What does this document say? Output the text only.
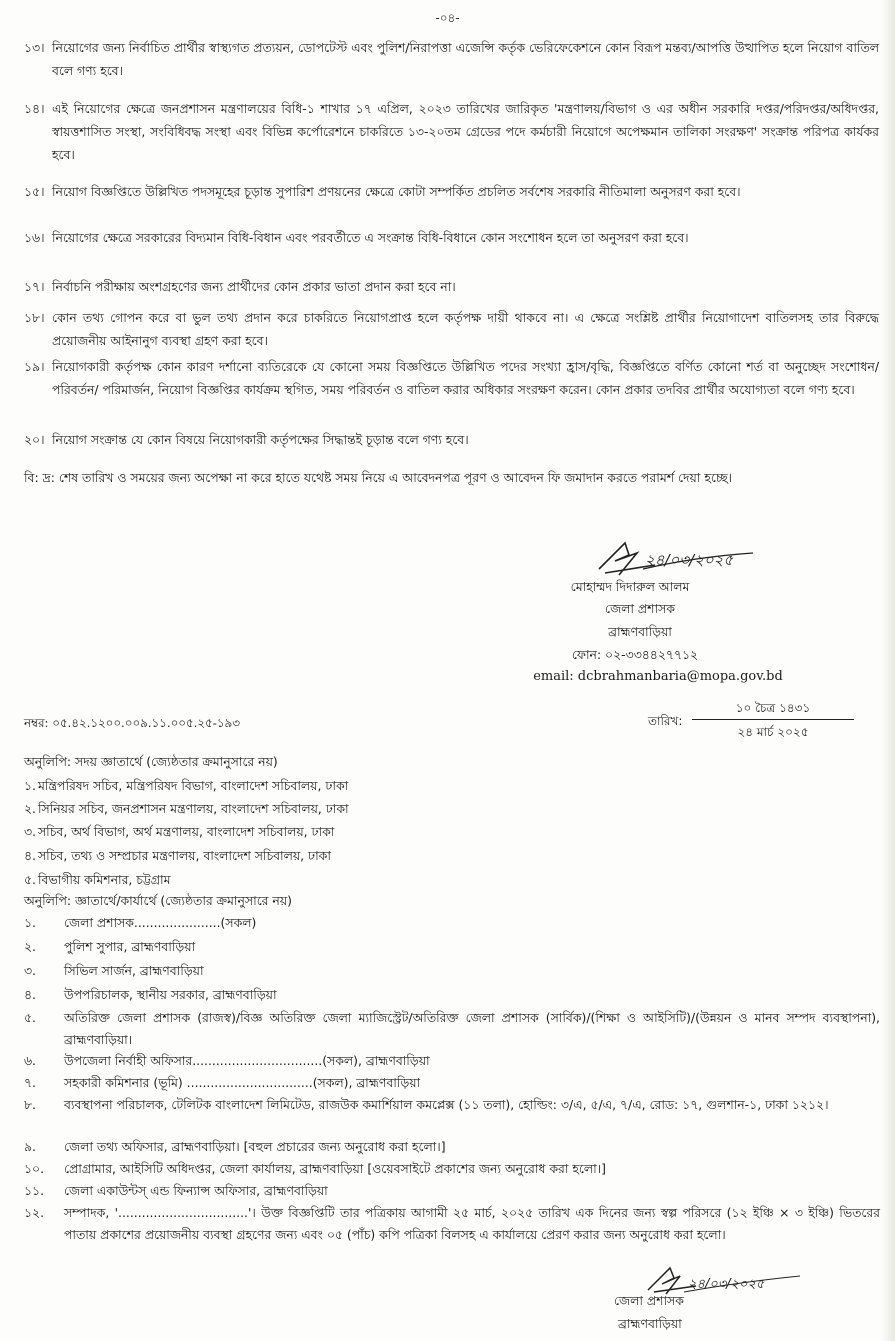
-০৪-
১৩। নিয়োগের জন্য নির্বাচিত প্রার্থীর স্বাস্থ্যগত প্রত্যয়ন, ডোপটেস্ট এবং পুলিশ/নিরাপত্তা এজেন্সি কর্তৃক ভেরিফেকেশনে কোন বিরূপ মন্তব্য/আপত্তি উত্থাপিত হলে নিয়োগ বাতিল বলে গণ্য হবে।
১৪। এই নিয়োগের ক্ষেত্রে জনপ্রশাসন মন্ত্রণালয়ের বিধি-১ শাখার ১৭ এপ্রিল, ২০২৩ তারিখের জারিকৃত 'মন্ত্রণালয়/বিভাগ ও এর অধীন সরকারি দপ্তর/পরিদপ্তর/অধিদপ্তর, স্বায়ত্তশাসিত সংস্থা, সংবিধিবদ্ধ সংস্থা এবং বিভিন্ন কর্পোরেশনে চাকরিতে ১৩-২০তম গ্রেডের পদে কর্মচারী নিয়োগে অপেক্ষমান তালিকা সংরক্ষণ' সংক্রান্ত পরিপত্র কার্যকর হবে।
১৫। নিয়োগ বিজ্ঞপ্তিতে উল্লিখিত পদসমূহের চূড়ান্ত সুপারিশ প্রণয়নের ক্ষেত্রে কোটা সম্পর্কিত প্রচলিত সর্বশেষ সরকারি নীতিমালা অনুসরণ করা হবে।
১৬। নিয়োগের ক্ষেত্রে সরকারের বিদ্যমান বিধি-বিধান এবং পরবর্তীতে এ সংক্রান্ত বিধি-বিধানে কোন সংশোধন হলে তা অনুসরণ করা হবে।
১৭। নির্বাচনি পরীক্ষায় অংশগ্রহণের জন্য প্রার্থীদের কোন প্রকার ভাতা প্রদান করা হবে না।
১৮। কোন তথ্য গোপন করে বা ভুল তথ্য প্রদান করে চাকরিতে নিয়োগপ্রাপ্ত হলে কর্তৃপক্ষ দায়ী থাকবে না। এ ক্ষেত্রে সংশ্লিষ্ট প্রার্থীর নিয়োগাদেশ বাতিলসহ তার বিরুদ্ধে প্রয়োজনীয় আইনানুগ ব্যবস্থা গ্রহণ করা হবে।
১৯। নিয়োগকারী কর্তৃপক্ষ কোন কারণ দর্শানো ব্যতিরেকে যে কোনো সময় বিজ্ঞপ্তিতে উল্লিখিত পদের সংখ্যা হ্রাস/বৃদ্ধি, বিজ্ঞপ্তিতে বর্ণিত কোনো শর্ত বা অনুচ্ছেদ সংশোধন/পরিবর্তন/ পরিমার্জন, নিয়োগ বিজ্ঞপ্তির কার্যক্রম স্থগিত, সময় পরিবর্তন ও বাতিল করার অধিকার সংরক্ষণ করেন। কোন প্রকার তদবির প্রার্থীর অযোগ্যতা বলে গণ্য হবে।
২০। নিয়োগ সংক্রান্ত যে কোন বিষয়ে নিয়োগকারী কর্তৃপক্ষের সিদ্ধান্তই চূড়ান্ত বলে গণ্য হবে।
বি: দ্র: শেষ তারিখ ও সময়ের জন্য অপেক্ষা না করে হাতে যথেষ্ট সময় নিয়ে এ আবেদনপত্র পূরণ ও আবেদন ফি জমাদান করতে পরামর্শ দেয়া হচ্ছে।
২৪/০৩/২০২৫
মোহাম্মদ দিদারুল আলম
জেলা প্রশাসক
ব্রাহ্মণবাড়িয়া
ফোন: ০২-৩৩৪৪২৭৭১২
email: dcbrahmanbaria@mopa.gov.bd
নম্বর: ০৫.৪২.১২০০.০০৯.১১.০০৫.২৫-১৯৩	তারিখ:
১০ চৈত্র ১৪৩১
২৪ মার্চ ২০২৫
অনুলিপি: সদয় জ্ঞাতার্থে (জ্যেষ্ঠতার ক্রমানুসারে নয়)
১. মন্ত্রিপরিষদ সচিব, মন্ত্রিপরিষদ বিভাগ, বাংলাদেশ সচিবালয়, ঢাকা
২. সিনিয়র সচিব, জনপ্রশাসন মন্ত্রণালয়, বাংলাদেশ সচিবালয়, ঢাকা
৩. সচিব, অর্থ বিভাগ, অর্থ মন্ত্রণালয়, বাংলাদেশ সচিবালয়, ঢাকা
৪. সচিব, তথ্য ও সম্প্রচার মন্ত্রণালয়, বাংলাদেশ সচিবালয়, ঢাকা
৫. বিভাগীয় কমিশনার, চট্টগ্রাম
অনুলিপি: জ্ঞাতার্থে/কার্যার্থে (জ্যেষ্ঠতার ক্রমানুসারে নয়)
১.	জেলা প্রশাসক......................(সকল)
২.	পুলিশ সুপার, ব্রাহ্মণবাড়িয়া
৩.	সিভিল সার্জন, ব্রাহ্মণবাড়িয়া
৪.	উপপরিচালক, স্থানীয় সরকার, ব্রাহ্মণবাড়িয়া
৫.	অতিরিক্ত জেলা প্রশাসক (রাজস্ব)/বিজ্ঞ অতিরিক্ত জেলা ম্যাজিস্ট্রেট/অতিরিক্ত জেলা প্রশাসক (সার্বিক)/(শিক্ষা ও আইসিটি)/(উন্নয়ন ও মানব সম্পদ ব্যবস্থাপনা), ব্রাহ্মণবাড়িয়া।
৬.	উপজেলা নির্বাহী অফিসার.................................(সকল), ব্রাহ্মণবাড়িয়া
৭.	সহকারী কমিশনার (ভূমি) ................................(সকল), ব্রাহ্মণবাড়িয়া
৮.	ব্যবস্থাপনা পরিচালক, টেলিটক বাংলাদেশ লিমিটেড, রাজউক কমার্শিয়াল কমপ্লেক্স (১১ তলা), হোল্ডিং: ৩/এ, ৫/এ, ৭/এ, রোড: ১৭, গুলশান-১, ঢাকা ১২১২।
৯.	জেলা তথ্য অফিসার, ব্রাহ্মণবাড়িয়া। [বহুল প্রচারের জন্য অনুরোধ করা হলো।]
১০.	প্রোগ্রামার, আইসিটি অধিদপ্তর, জেলা কার্যালয়, ব্রাহ্মণবাড়িয়া [ওয়েবসাইটে প্রকাশের জন্য অনুরোধ করা হলো।]
১১.	জেলা একাউন্টস্ এন্ড ফিন্যান্স অফিসার, ব্রাহ্মণবাড়িয়া
১২.	সম্পাদক, '.................................'। উক্ত বিজ্ঞপ্তিটি তার পত্রিকায় আগামী ২৫ মার্চ, ২০২৫ তারিখ এক দিনের জন্য স্বল্প পরিসরে (১২ ইঞ্চি × ৩ ইঞ্চি) ভিতরের পাতায় প্রকাশের প্রয়োজনীয় ব্যবস্থা গ্রহণের জন্য এবং ০৫ (পাঁচ) কপি পত্রিকা বিলসহ এ কার্যালয়ে প্রেরণ করার জন্য অনুরোধ করা হলো।
২৪/০৩/২০২৫
জেলা প্রশাসক
ব্রাহ্মণবাড়িয়া
